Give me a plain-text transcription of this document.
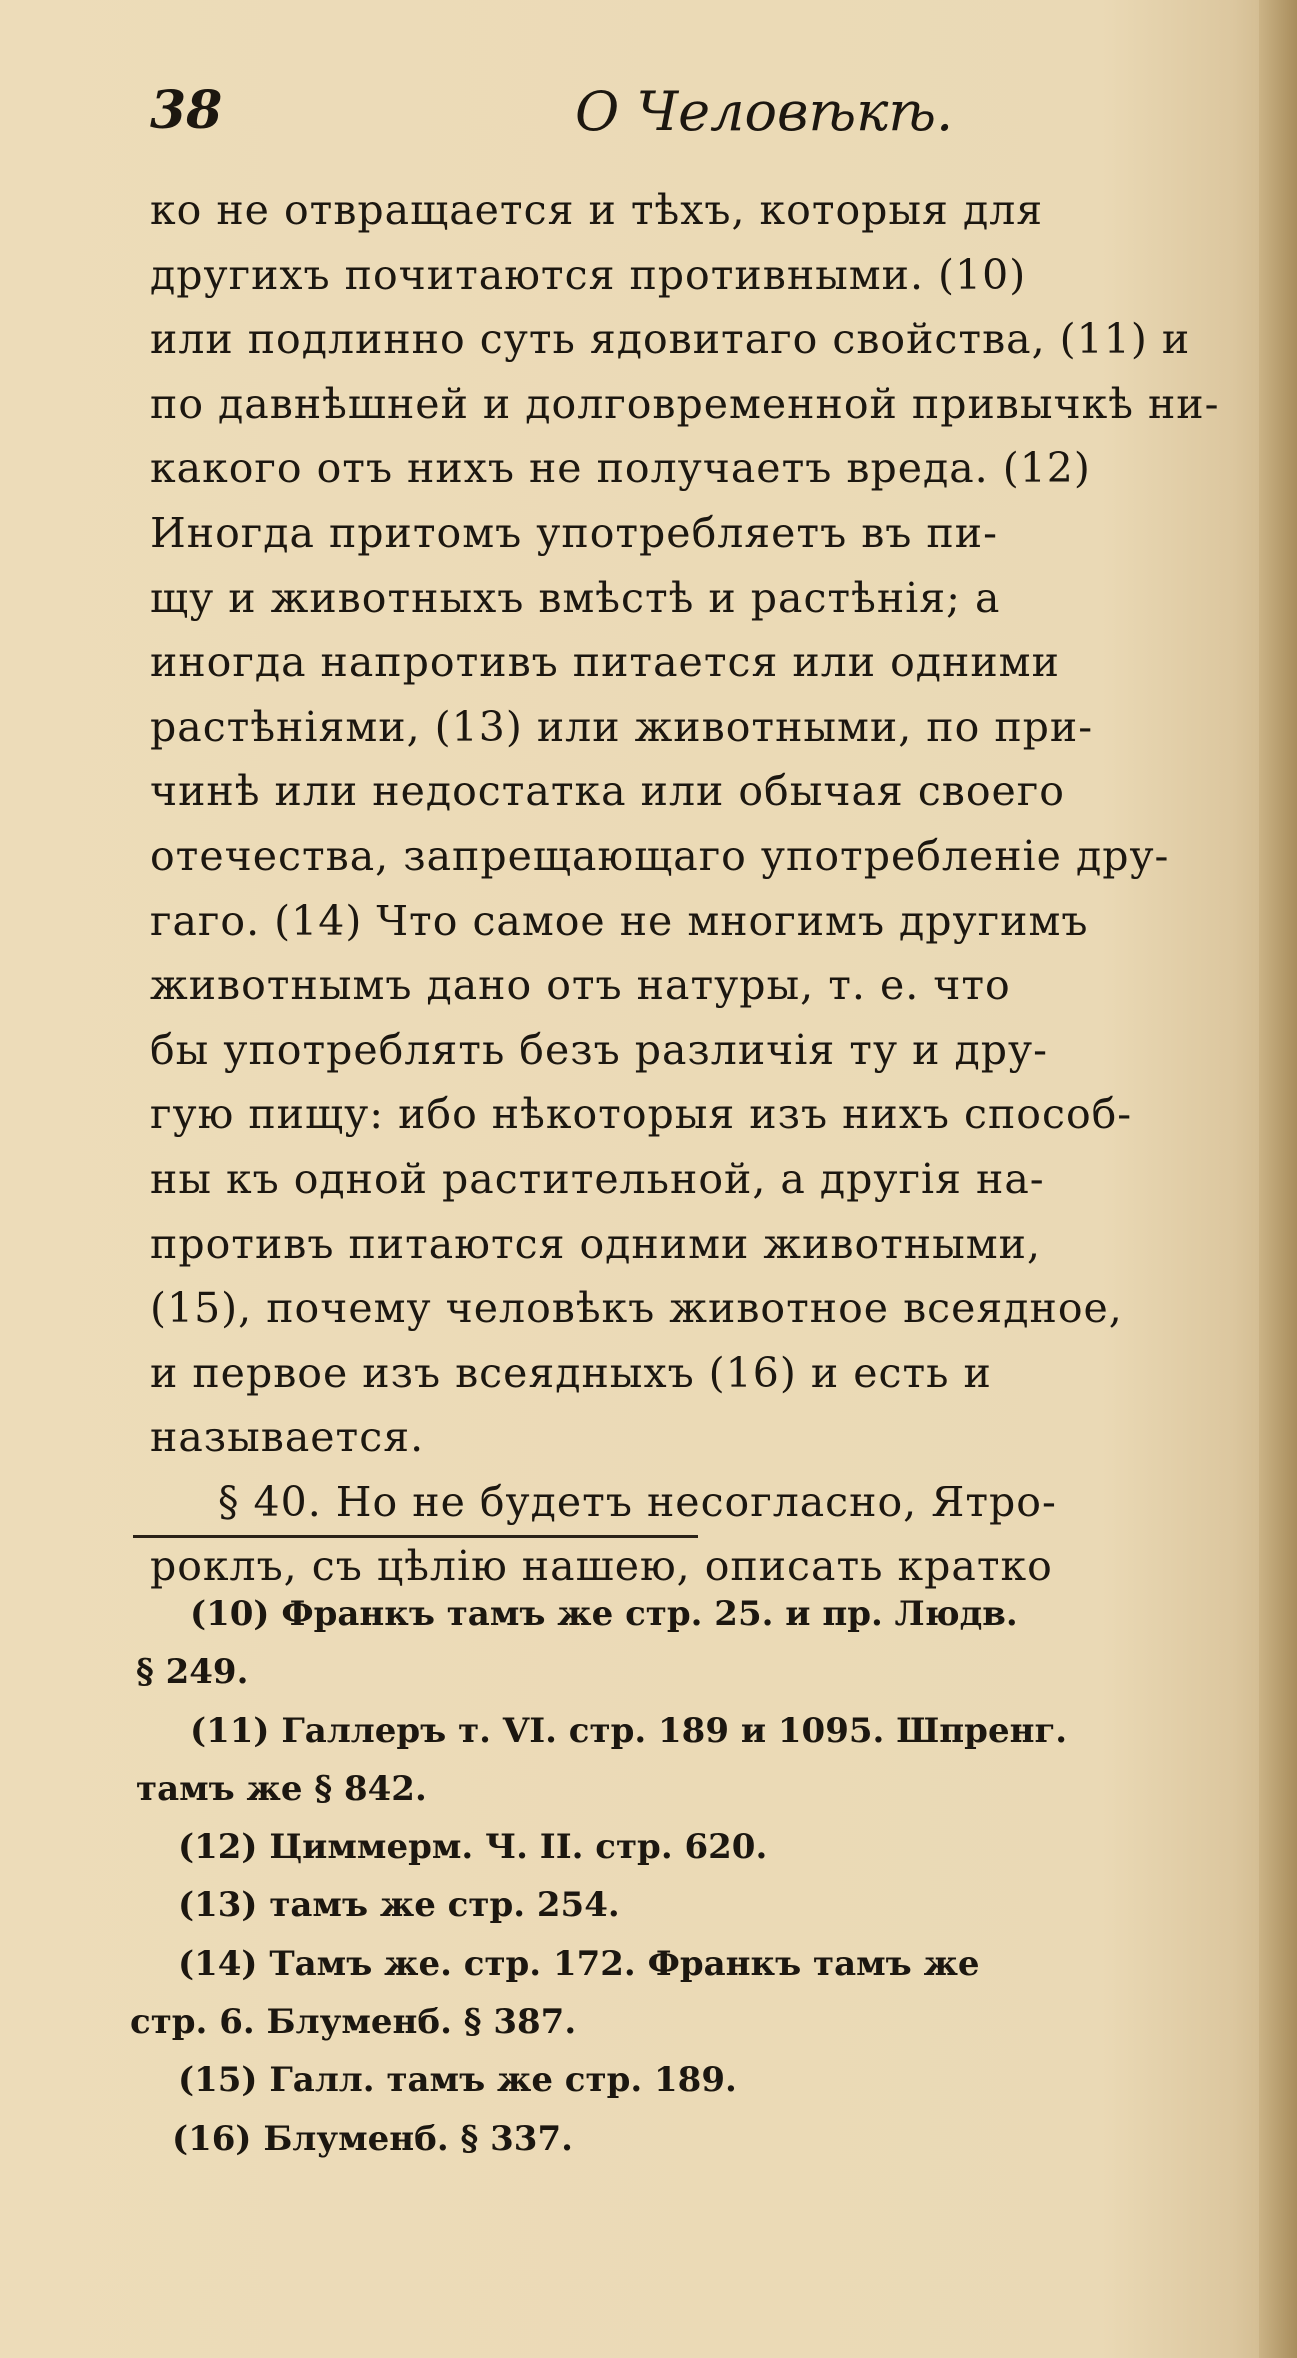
38	О Человѣкѣ.
ко не отвращается и тѣхъ, которыя для
другихъ почитаются противными. (10)
или подлинно суть ядовитаго свойства, (11) и
по давнѣшней и долговременной привычкѣ ни-
какого отъ нихъ не получаетъ вреда. (12)
Иногда притомъ употребляетъ въ пи-
щу и животныхъ вмѣстѣ и растѣнія; а
иногда напротивъ питается или одними
растѣніями, (13) или животными, по при-
чинѣ или недостатка или обычая своего
отечества, запрещающаго употребленіе дру-
гаго. (14) Что самое не многимъ другимъ
животнымъ дано отъ натуры, т. е. что
бы употреблять безъ различія ту и дру-
гую пищу: ибо нѣкоторыя изъ нихъ способ-
ны къ одной растительной, а другія на-
противъ питаются одними животными,
(15), почему человѣкъ животное всеядное,
и первое изъ всеядныхъ (16) и есть и
называется.
§ 40. Но не будетъ несогласно, Ятро-
роклъ, съ цѣлію нашею, описать кратко
(10) Франкъ тамъ же стр. 25. и пр. Людв.
§ 249.
(11) Галлеръ т. VI. стр. 189 и 1095. Шпренг.
тамъ же § 842.
(12) Циммерм. Ч. II. стр. 620.
(13) тамъ же стр. 254.
(14) Тамъ же. стр. 172. Франкъ тамъ же
стр. 6. Блуменб. § 387.
(15) Галл. тамъ же стр. 189.
(16) Блуменб. § 337.
